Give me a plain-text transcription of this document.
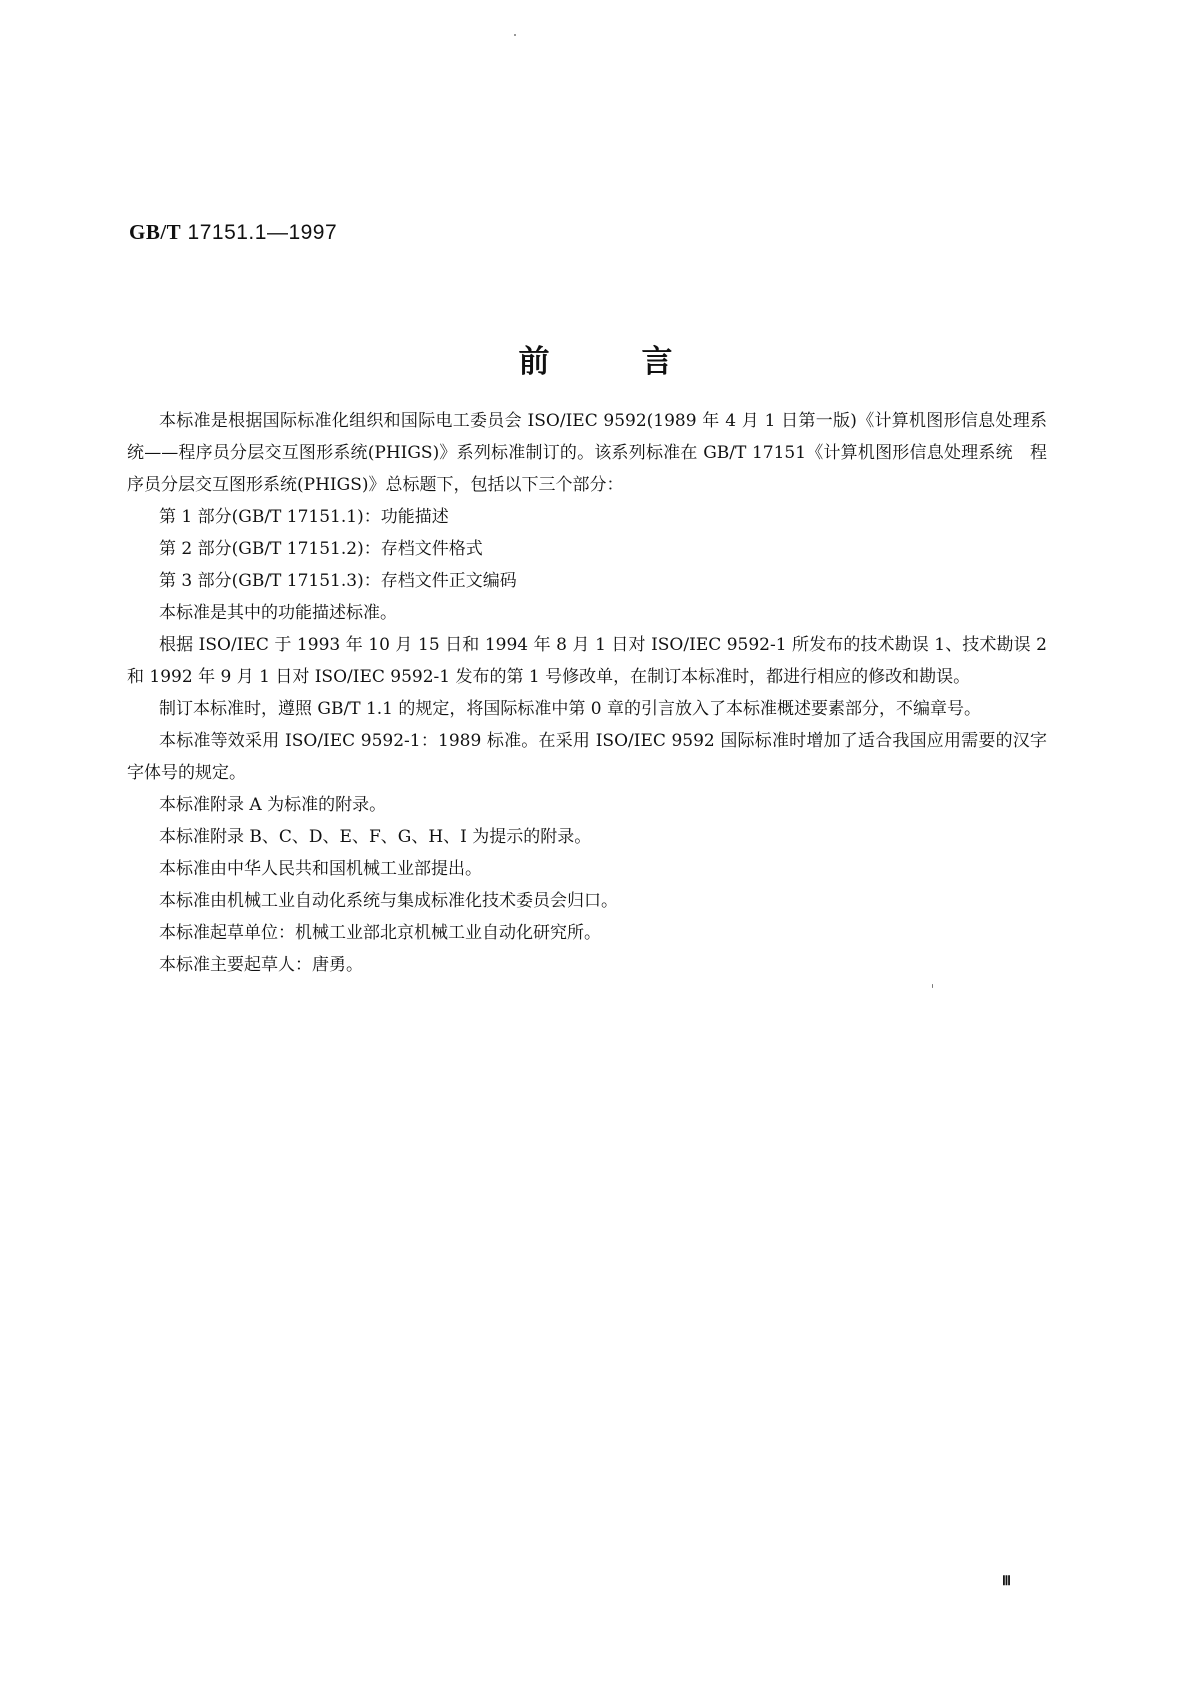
GB/T 17151.1—1997
前	言

本标准是根据国际标准化组织和国际电工委员会 ISO/IEC 9592(1989 年 4 月 1 日第一版)《计算机图形信息处理系统——程序员分层交互图形系统(PHIGS)》系列标准制订的。该系列标准在 GB/T 17151《计算机图形信息处理系统　程序员分层交互图形系统(PHIGS)》总标题下，包括以下三个部分：

第 1 部分(GB/T 17151.1)：功能描述

第 2 部分(GB/T 17151.2)：存档文件格式

第 3 部分(GB/T 17151.3)：存档文件正文编码

本标准是其中的功能描述标准。

根据 ISO/IEC 于 1993 年 10 月 15 日和 1994 年 8 月 1 日对 ISO/IEC 9592-1 所发布的技术勘误 1、技术勘误 2 和 1992 年 9 月 1 日对 ISO/IEC 9592-1 发布的第 1 号修改单，在制订本标准时，都进行相应的修改和勘误。

制订本标准时，遵照 GB/T 1.1 的规定，将国际标准中第 0 章的引言放入了本标准概述要素部分，不编章号。

本标准等效采用 ISO/IEC 9592-1：1989 标准。在采用 ISO/IEC 9592 国际标准时增加了适合我国应用需要的汉字字体号的规定。

本标准附录 A 为标准的附录。

本标准附录 B、C、D、E、F、G、H、I 为提示的附录。

本标准由中华人民共和国机械工业部提出。

本标准由机械工业自动化系统与集成标准化技术委员会归口。

本标准起草单位：机械工业部北京机械工业自动化研究所。

本标准主要起草人：唐勇。

Ⅲ
